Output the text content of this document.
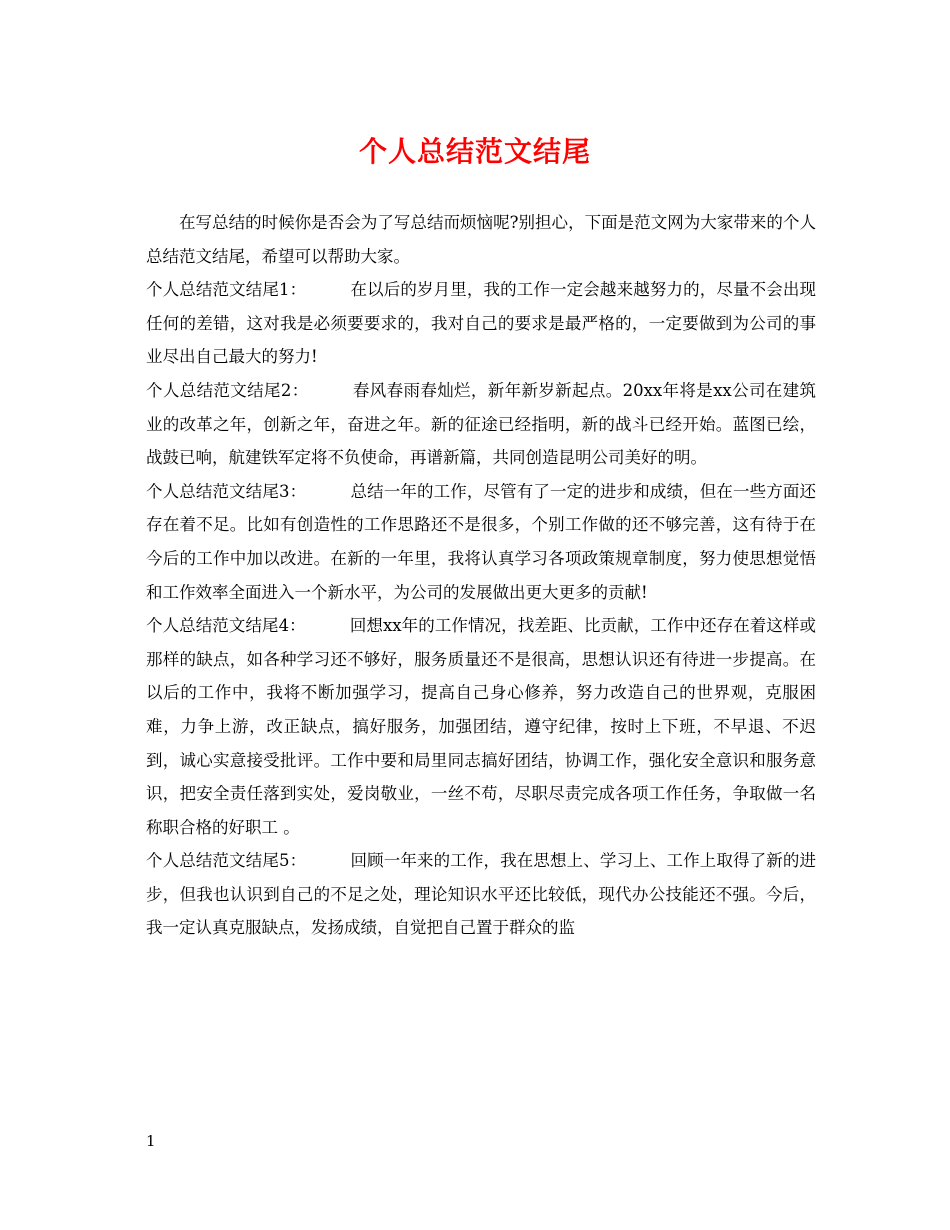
个人总结范文结尾

在写总结的时候你是否会为了写总结而烦恼呢?别担心，下面是范文网为大家带来的个人总结范文结尾，希望可以帮助大家。

个人总结范文结尾1：	在以后的岁月里，我的工作一定会越来越努力的，尽量不会出现任何的差错，这对我是必须要要求的，我对自己的要求是最严格的，一定要做到为公司的事业尽出自己最大的努力!

个人总结范文结尾2：	春风春雨春灿烂，新年新岁新起点。20xx年将是xx公司在建筑业的改革之年，创新之年，奋进之年。新的征途已经指明，新的战斗已经开始。蓝图已绘，战鼓已响，航建铁军定将不负使命，再谱新篇，共同创造昆明公司美好的明。

个人总结范文结尾3：	总结一年的工作，尽管有了一定的进步和成绩，但在一些方面还存在着不足。比如有创造性的工作思路还不是很多，个别工作做的还不够完善，这有待于在今后的工作中加以改进。在新的一年里，我将认真学习各项政策规章制度，努力使思想觉悟和工作效率全面进入一个新水平，为公司的发展做出更大更多的贡献!

个人总结范文结尾4：	回想xx年的工作情况，找差距、比贡献，工作中还存在着这样或那样的缺点，如各种学习还不够好，服务质量还不是很高，思想认识还有待进一步提高。在以后的工作中，我将不断加强学习，提高自己身心修养，努力改造自己的世界观，克服困难，力争上游，改正缺点，搞好服务，加强团结，遵守纪律，按时上下班，不早退、不迟到，诚心实意接受批评。工作中要和局里同志搞好团结，协调工作，强化安全意识和服务意识，把安全责任落到实处，爱岗敬业，一丝不苟，尽职尽责完成各项工作任务，争取做一名称职合格的好职工 。

个人总结范文结尾5：	回顾一年来的工作，我在思想上、学习上、工作上取得了新的进步，但我也认识到自己的不足之处，理论知识水平还比较低，现代办公技能还不强。今后，我一定认真克服缺点，发扬成绩，自觉把自己置于群众的监

1
